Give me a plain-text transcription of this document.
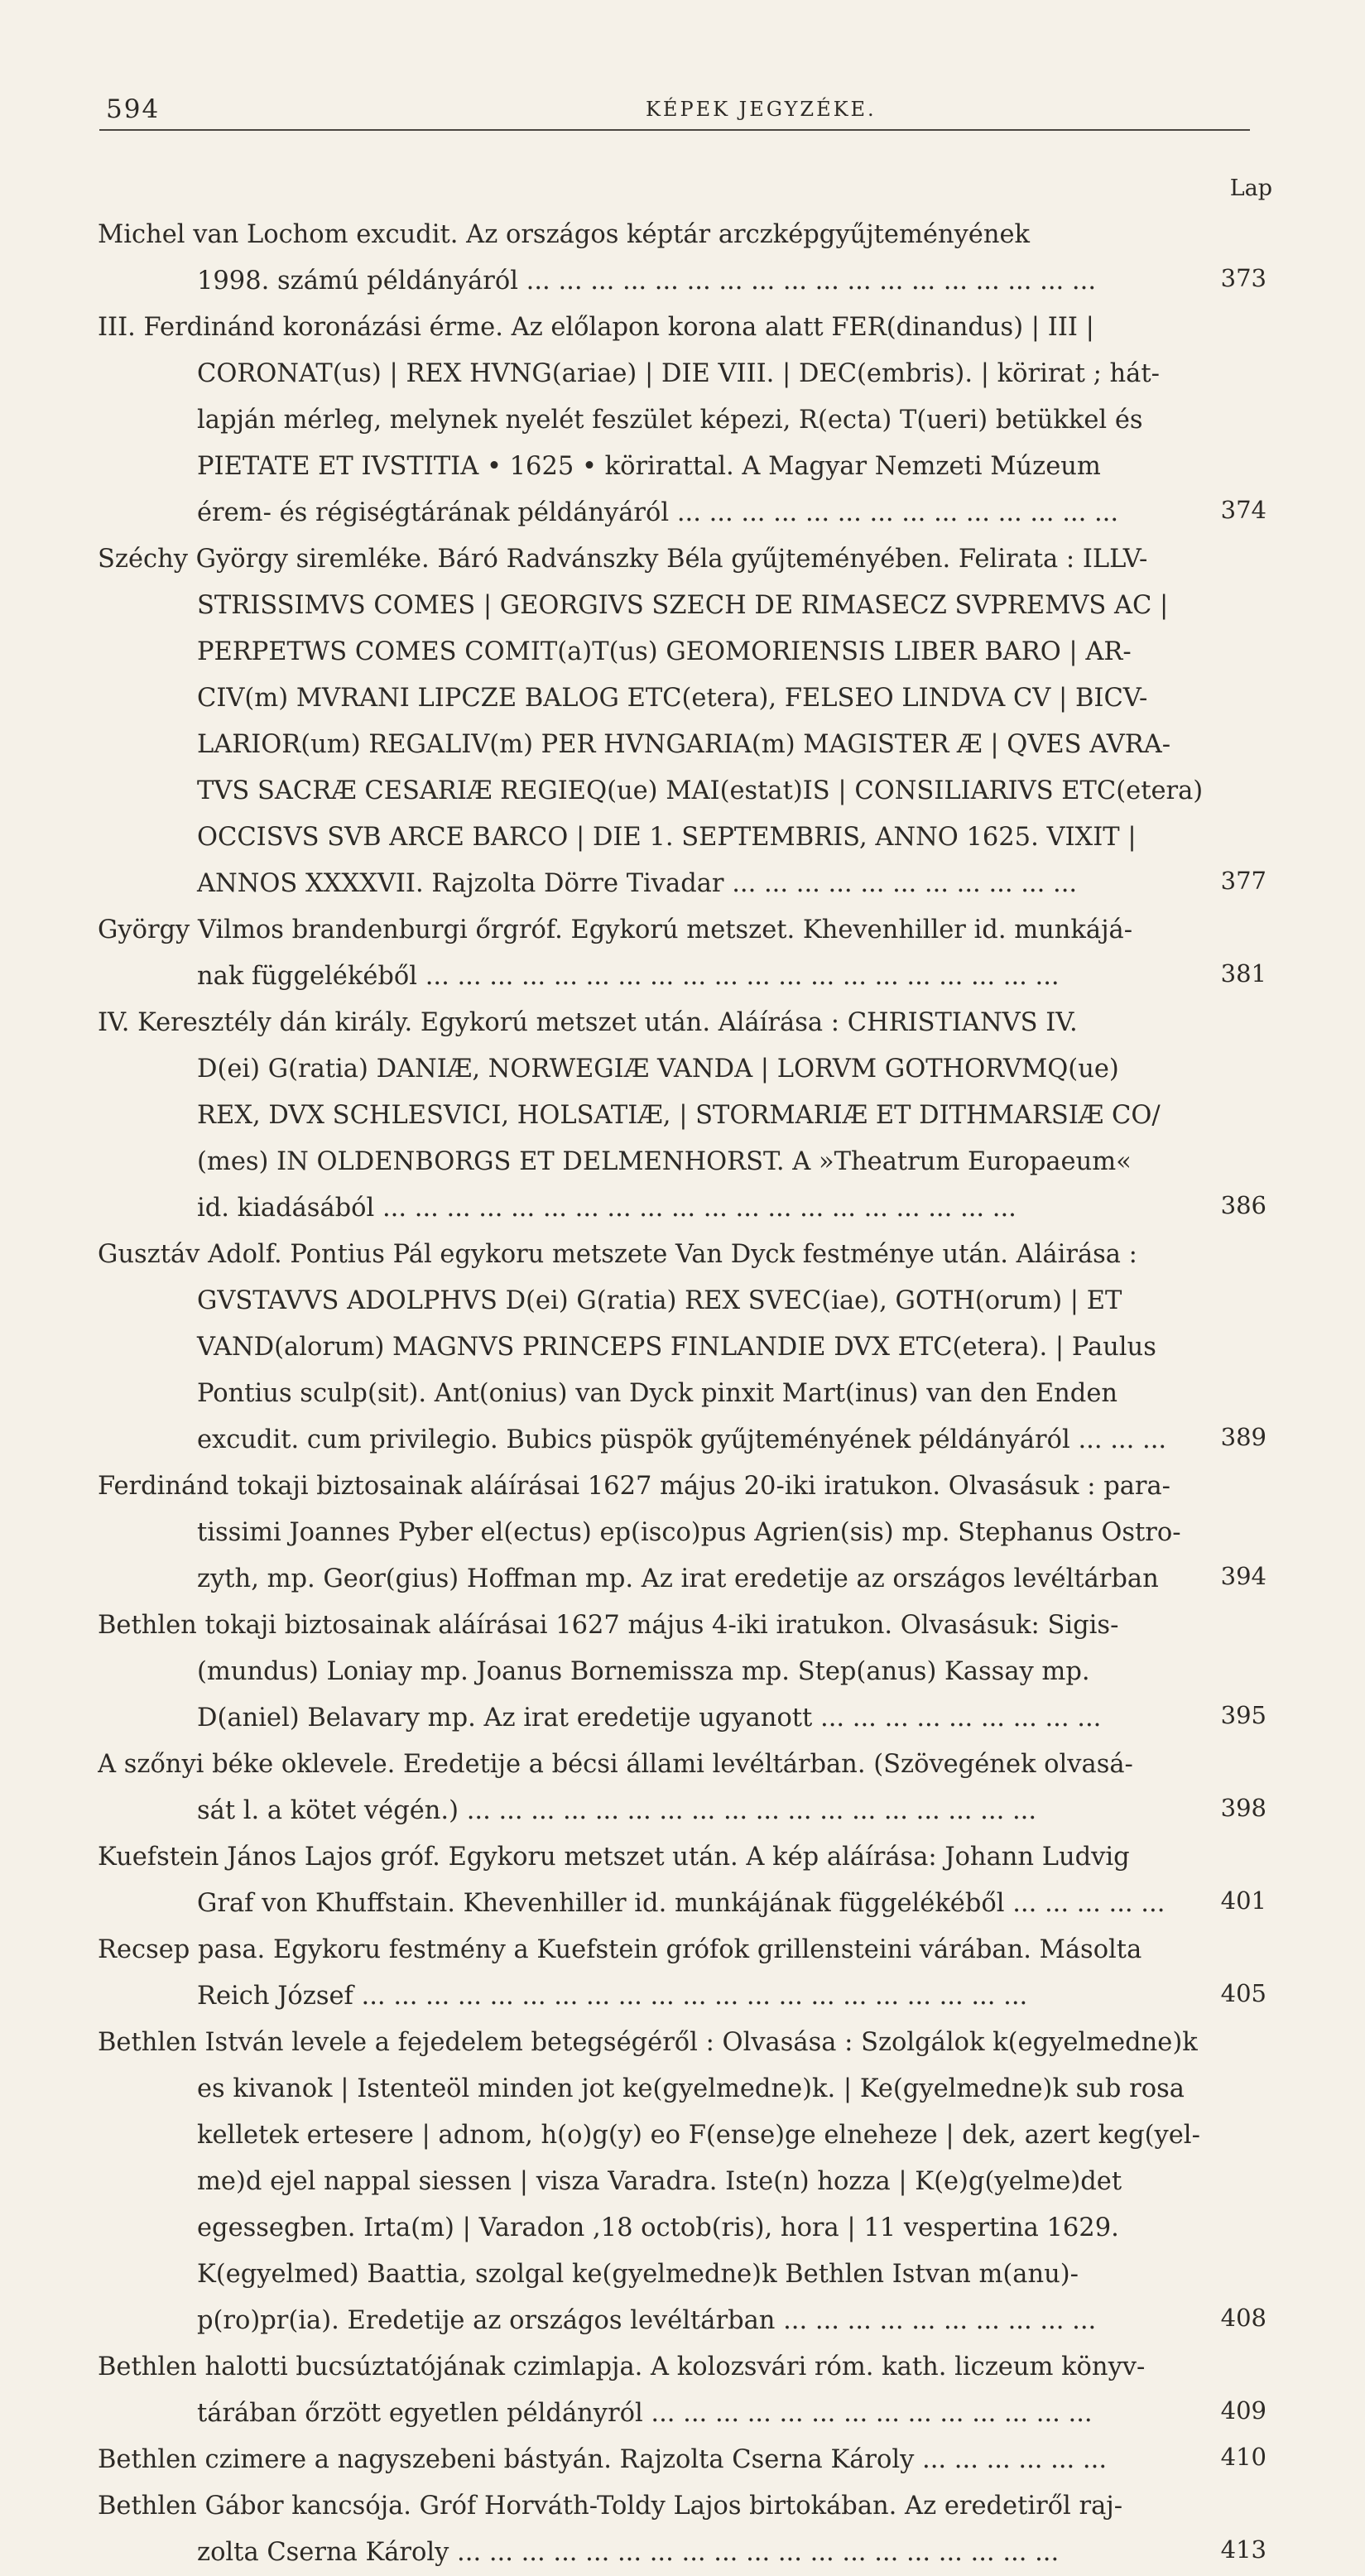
594	KÉPEK JEGYZÉKE.
Lap
Michel van Lochom excudit. Az országos képtár arczképgyűjteményének
1998. számú példányáról ... ... ... ... ... ... ... ... ... ... ... ... ... ... ... ... ... ...	373
III. Ferdinánd koronázási érme. Az előlapon korona alatt FER(dinandus) | III |
CORONAT(us) | REX HVNG(ariae) | DIE VIII. | DEC(embris). | körirat ; hát-
lapján mérleg, melynek nyelét feszület képezi, R(ecta) T(ueri) betükkel és
PIETATE ET IVSTITIA • 1625 • körirattal. A Magyar Nemzeti Múzeum
érem- és régiségtárának példányáról ... ... ... ... ... ... ... ... ... ... ... ... ... ...	374
Széchy György siremléke. Báró Radvánszky Béla gyűjteményében. Felirata : ILLV-
STRISSIMVS COMES | GEORGIVS SZECH DE RIMASECZ SVPREMVS AC |
PERPETWS COMES COMIT(a)T(us) GEOMORIENSIS LIBER BARO | AR-
CIV(m) MVRANI LIPCZE BALOG ETC(etera), FELSEO LINDVA CV | BICV-
LARIOR(um) REGALIV(m) PER HVNGARIA(m) MAGISTER Æ | QVES AVRA-
TVS SACRÆ CESARIÆ REGIEQ(ue) MAI(estat)IS | CONSILIARIVS ETC(etera)
OCCISVS SVB ARCE BARCO | DIE 1. SEPTEMBRIS, ANNO 1625. VIXIT |
ANNOS XXXXVII. Rajzolta Dörre Tivadar ... ... ... ... ... ... ... ... ... ... ...	377
György Vilmos brandenburgi őrgróf. Egykorú metszet. Khevenhiller id. munkájá-
nak függelékéből ... ... ... ... ... ... ... ... ... ... ... ... ... ... ... ... ... ... ... ...	381
IV. Keresztély dán király. Egykorú metszet után. Aláírása : CHRISTIANVS IV.
D(ei) G(ratia) DANIÆ, NORWEGIÆ VANDA | LORVM GOTHORVMQ(ue)
REX, DVX SCHLESVICI, HOLSATIÆ, | STORMARIÆ ET DITHMARSIÆ CO/
(mes) IN OLDENBORGS ET DELMENHORST. A »Theatrum Europaeum«
id. kiadásából ... ... ... ... ... ... ... ... ... ... ... ... ... ... ... ... ... ... ... ...	386
Gusztáv Adolf. Pontius Pál egykoru metszete Van Dyck festménye után. Aláirása :
GVSTAVVS ADOLPHVS D(ei) G(ratia) REX SVEC(iae), GOTH(orum) | ET
VAND(alorum) MAGNVS PRINCEPS FINLANDIE DVX ETC(etera). | Paulus
Pontius sculp(sit). Ant(onius) van Dyck pinxit Mart(inus) van den Enden
excudit. cum privilegio. Bubics püspök gyűjteményének példányáról ... ... ...	389
Ferdinánd tokaji biztosainak aláírásai 1627 május 20-iki iratukon. Olvasásuk : para-
tissimi Joannes Pyber el(ectus) ep(isco)pus Agrien(sis) mp. Stephanus Ostro-
zyth, mp. Geor(gius) Hoffman mp. Az irat eredetije az országos levéltárban	394
Bethlen tokaji biztosainak aláírásai 1627 május 4-iki iratukon. Olvasásuk: Sigis-
(mundus) Loniay mp. Joanus Bornemissza mp. Step(anus) Kassay mp.
D(aniel) Belavary mp. Az irat eredetije ugyanott ... ... ... ... ... ... ... ... ...	395
A szőnyi béke oklevele. Eredetije a bécsi állami levéltárban. (Szövegének olvasá-
sát l. a kötet végén.) ... ... ... ... ... ... ... ... ... ... ... ... ... ... ... ... ... ...	398
Kuefstein János Lajos gróf. Egykoru metszet után. A kép aláírása: Johann Ludvig
Graf von Khuffstain. Khevenhiller id. munkájának függelékéből ... ... ... ... ...	401
Recsep pasa. Egykoru festmény a Kuefstein grófok grillensteini várában. Másolta
Reich József ... ... ... ... ... ... ... ... ... ... ... ... ... ... ... ... ... ... ... ... ...	405
Bethlen István levele a fejedelem betegségéről : Olvasása : Szolgálok k(egyelmedne)k
es kivanok | Istenteöl minden jot ke(gyelmedne)k. | Ke(gyelmedne)k sub rosa
kelletek ertesere | adnom, h(o)g(y) eo F(ense)ge elneheze | dek, azert keg(yel-
me)d ejel nappal siessen | visza Varadra. Iste(n) hozza | K(e)g(yelme)det
egessegben. Irta(m) | Varadon ,18 octob(ris), hora | 11 vespertina 1629.
K(egyelmed) Baattia, szolgal ke(gyelmedne)k Bethlen Istvan m(anu)-
p(ro)pr(ia). Eredetije az országos levéltárban ... ... ... ... ... ... ... ... ... ...	408
Bethlen halotti bucsúztatójának czimlapja. A kolozsvári róm. kath. liczeum könyv-
tárában őrzött egyetlen példányról ... ... ... ... ... ... ... ... ... ... ... ... ... ...	409
Bethlen czimere a nagyszebeni bástyán. Rajzolta Cserna Károly ... ... ... ... ... ...	410
Bethlen Gábor kancsója. Gróf Horváth-Toldy Lajos birtokában. Az eredetiről raj-
zolta Cserna Károly ... ... ... ... ... ... ... ... ... ... ... ... ... ... ... ... ... ... ...	413
